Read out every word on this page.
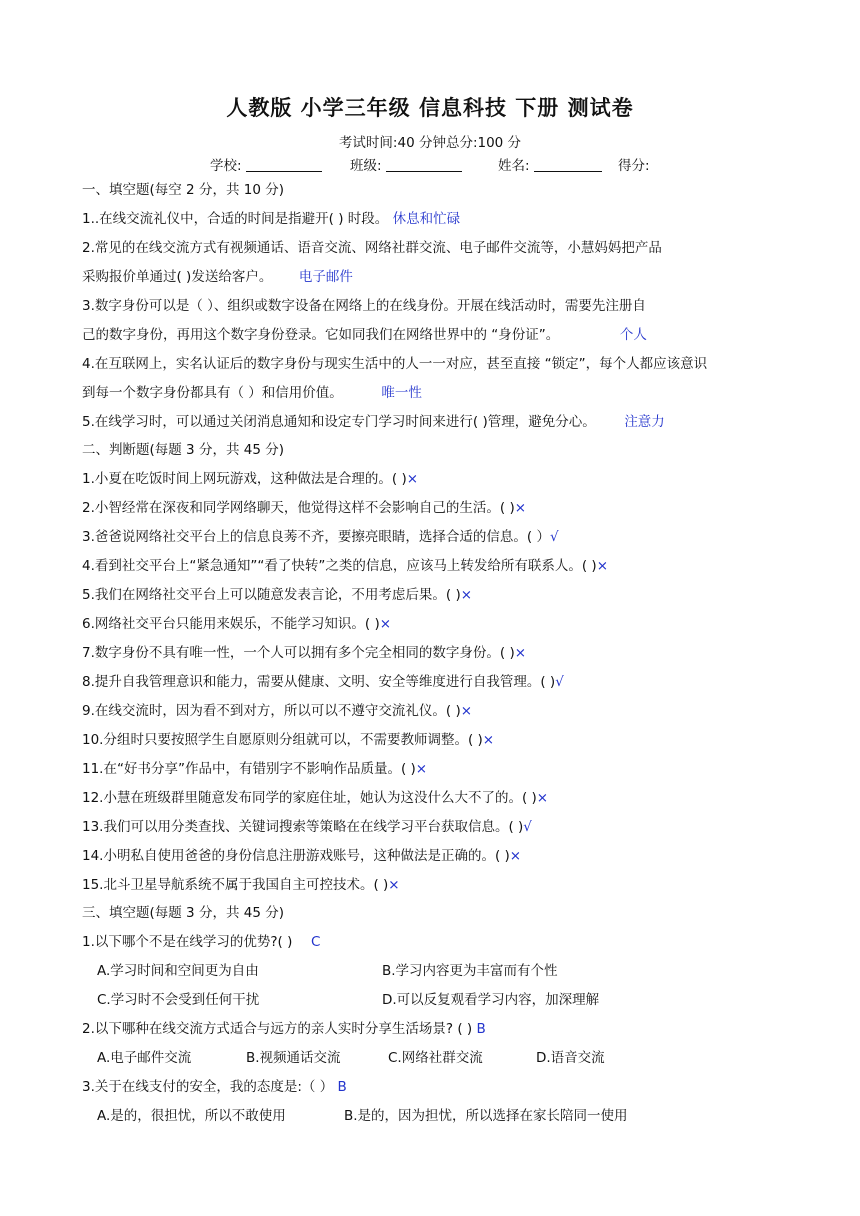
人教版 小学三年级 信息科技 下册 测试卷
考试时间:40 分钟总分:100 分
学校:	班级:	姓名:	得分:
一、填空题(每空 2 分，共 10 分)
1..在线交流礼仪中，合适的时间是指避开( ) 时段。 休息和忙碌
2.常见的在线交流方式有视频通话、语音交流、网络社群交流、电子邮件交流等，小慧妈妈把产品
采购报价单通过( )发送给客户。 电子邮件
3.数字身份可以是（ ）、组织或数字设备在网络上的在线身份。开展在线活动时，需要先注册自
己的数字身份，再用这个数字身份登录。它如同我们在网络世界中的 “身份证”。	个人
4.在互联网上，实名认证后的数字身份与现实生活中的人一一对应，甚至直接 “锁定”，每个人都应该意识
到每一个数字身份都具有（ ）和信用价值。	唯一性
5.在线学习时，可以通过关闭消息通知和设定专门学习时间来进行( )管理，避免分心。 注意力
二、判断题(每题 3 分，共 45 分)
1.小夏在吃饭时间上网玩游戏，这种做法是合理的。( )×
2.小智经常在深夜和同学网络聊天，他觉得这样不会影响自己的生活。( )×
3.爸爸说网络社交平台上的信息良莠不齐，要擦亮眼睛，选择合适的信息。( ）√
4.看到社交平台上“紧急通知”“看了快转”之类的信息，应该马上转发给所有联系人。( )×
5.我们在网络社交平台上可以随意发表言论，不用考虑后果。( )×
6.网络社交平台只能用来娱乐，不能学习知识。( )×
7.数字身份不具有唯一性，一个人可以拥有多个完全相同的数字身份。( )×
8.提升自我管理意识和能力，需要从健康、文明、安全等维度进行自我管理。( )√
9.在线交流时，因为看不到对方，所以可以不遵守交流礼仪。( )×
10.分组时只要按照学生自愿原则分组就可以，不需要教师调整。( )×
11.在“好书分享”作品中，有错别字不影响作品质量。( )×
12.小慧在班级群里随意发布同学的家庭住址，她认为这没什么大不了的。( )×
13.我们可以用分类查找、关键词搜索等策略在在线学习平台获取信息。( )√
14.小明私自使用爸爸的身份信息注册游戏账号，这种做法是正确的。( )×
15.北斗卫星导航系统不属于我国自主可控技术。( )×
三、填空题(每题 3 分，共 45 分)
1.以下哪个不是在线学习的优势?( ) C
A.学习时间和空间更为自由	B.学习内容更为丰富而有个性
C.学习时不会受到任何干扰	D.可以反复观看学习内容，加深理解
2.以下哪种在线交流方式适合与远方的亲人实时分享生活场景? ( ) B
A.电子邮件交流	B.视频通话交流	C.网络社群交流	D.语音交流
3.关于在线支付的安全，我的态度是:（ ） B
A.是的，很担忧，所以不敢使用	B.是的，因为担忧，所以选择在家长陪同一使用
